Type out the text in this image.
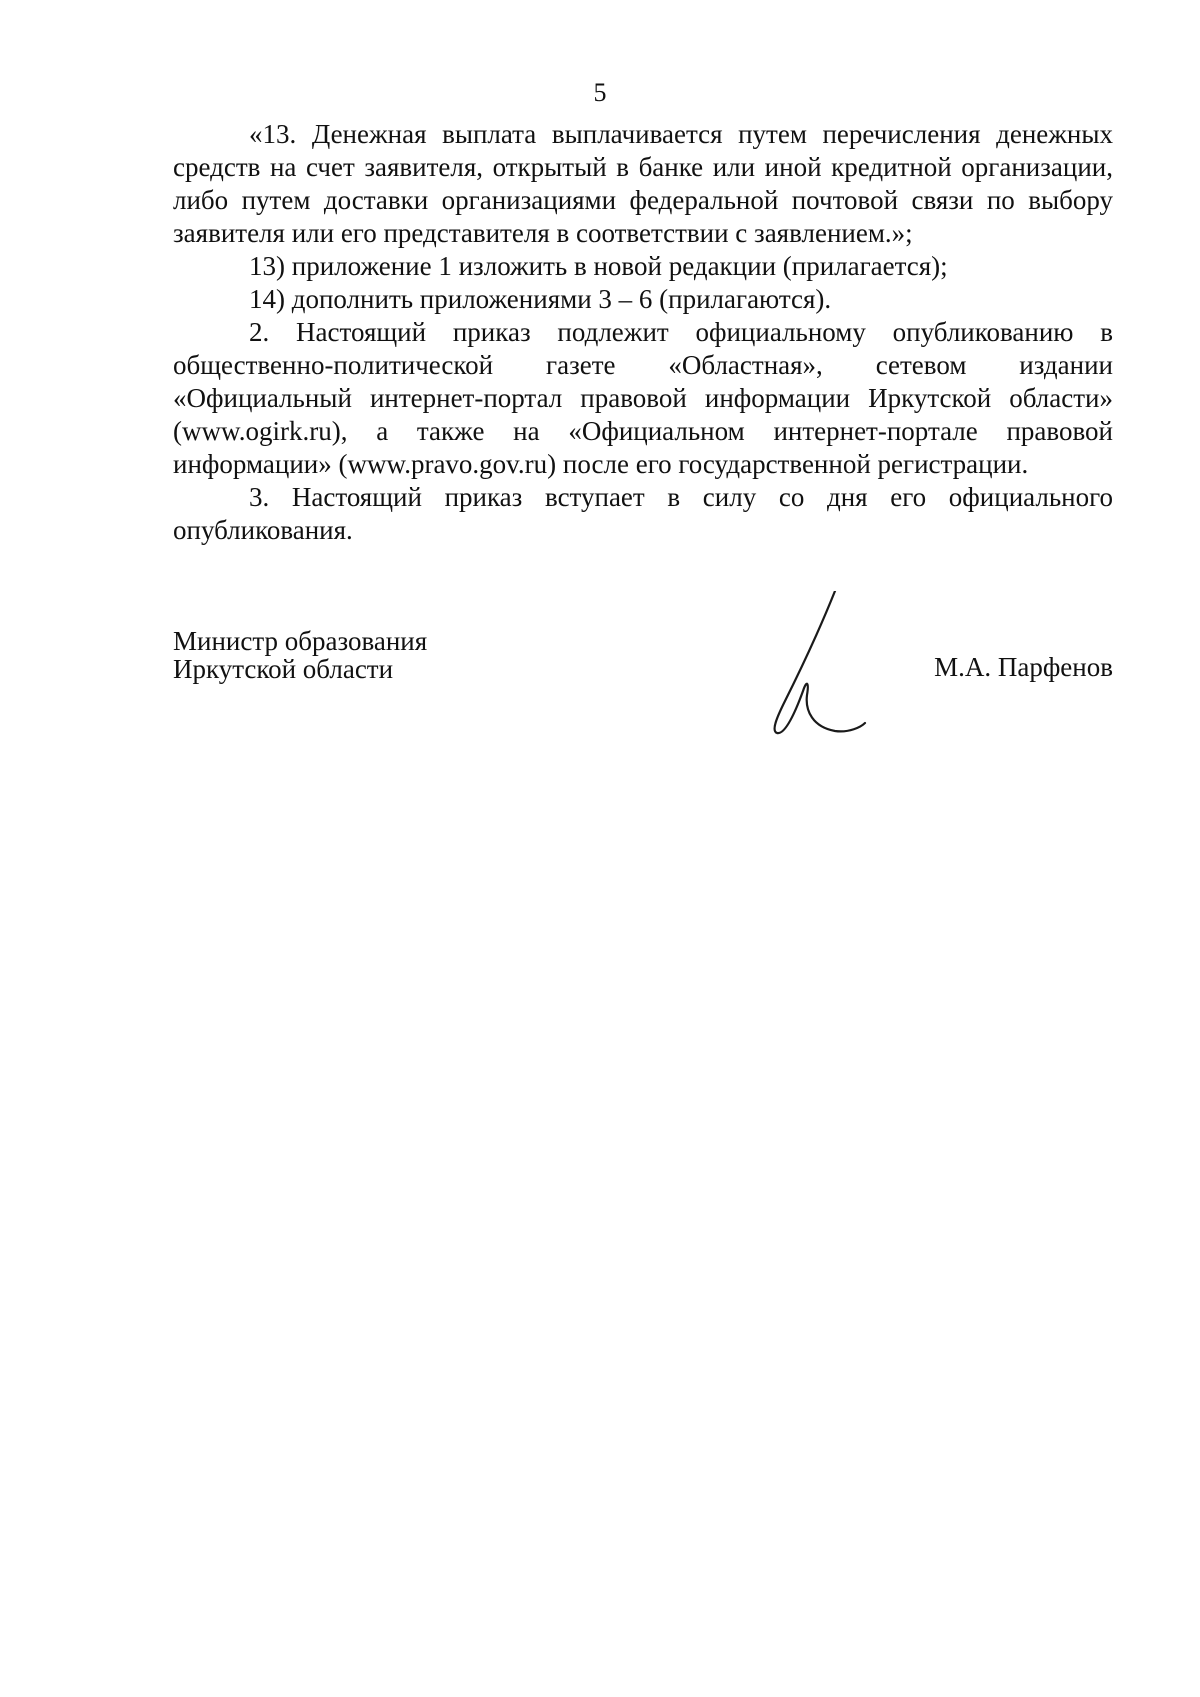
5

«13. Денежная выплата выплачивается путем перечисления денежных средств на счет заявителя, открытый в банке или иной кредитной организации, либо путем доставки организациями федеральной почтовой связи по выбору заявителя или его представителя в соответствии с заявлением.»;

13) приложение 1 изложить в новой редакции (прилагается);

14) дополнить приложениями 3 – 6 (прилагаются).

2. Настоящий приказ подлежит официальному опубликованию в общественно-политической газете «Областная», сетевом издании «Официальный интернет-портал правовой информации Иркутской области» (www.ogirk.ru), а также на «Официальном интернет-портале правовой информации» (www.pravo.gov.ru) после его государственной регистрации.

3. Настоящий приказ вступает в силу со дня его официального опубликования.

Министр образования
Иркутской области	М.А. Парфенов
